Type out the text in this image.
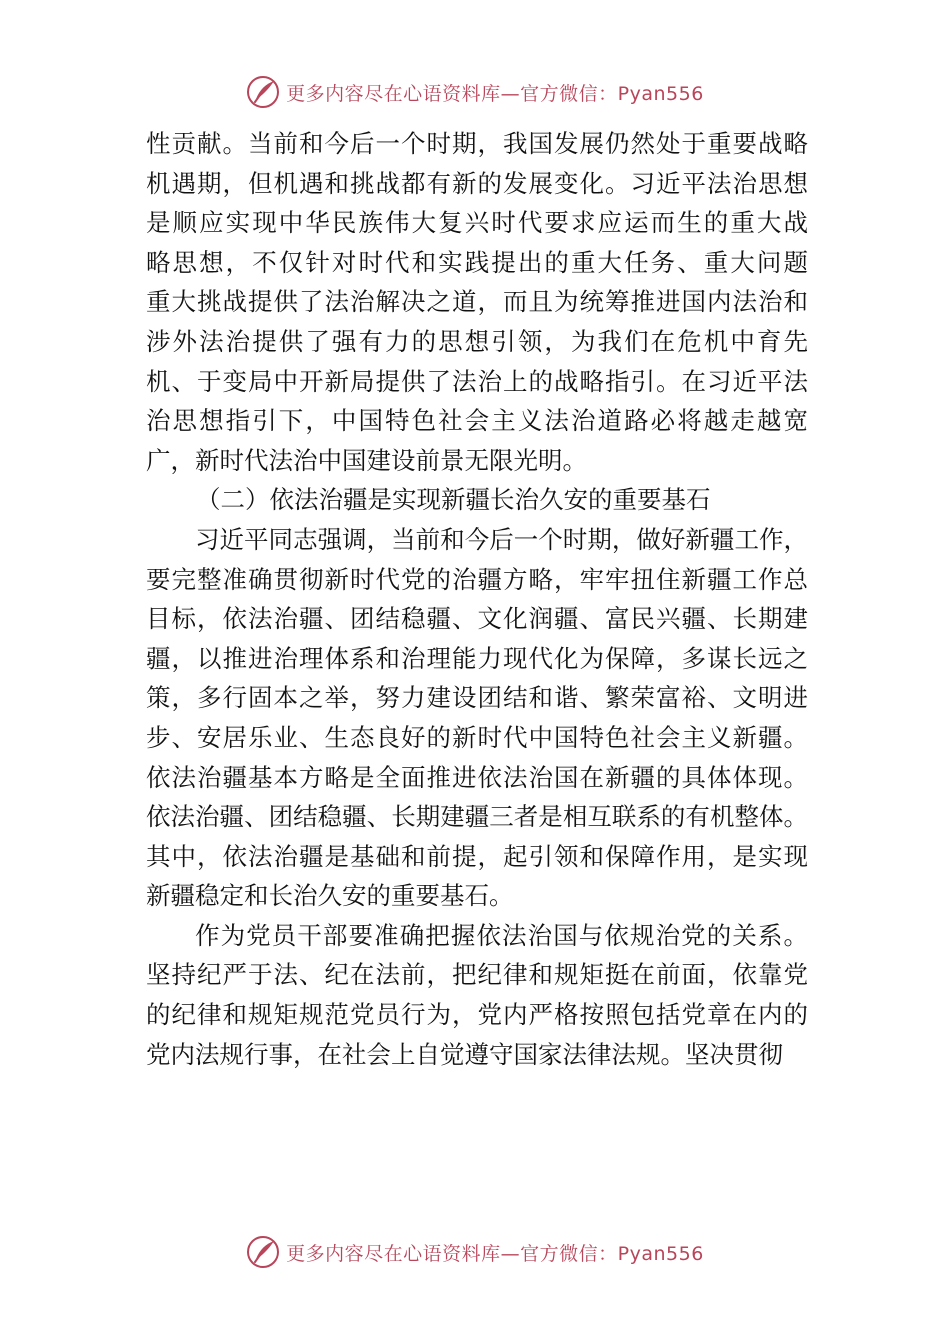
更多内容尽在心语资料库—官方微信：Pyan556
性贡献。当前和今后一个时期，我国发展仍然处于重要战略
机遇期，但机遇和挑战都有新的发展变化。习近平法治思想
是顺应实现中华民族伟大复兴时代要求应运而生的重大战
略思想，不仅针对时代和实践提出的重大任务、重大问题
重大挑战提供了法治解决之道，而且为统筹推进国内法治和
涉外法治提供了强有力的思想引领，为我们在危机中育先
机、于变局中开新局提供了法治上的战略指引。在习近平法
治思想指引下，中国特色社会主义法治道路必将越走越宽
广，新时代法治中国建设前景无限光明。
（二）依法治疆是实现新疆长治久安的重要基石
习近平同志强调，当前和今后一个时期，做好新疆工作，
要完整准确贯彻新时代党的治疆方略，牢牢扭住新疆工作总
目标，依法治疆、团结稳疆、文化润疆、富民兴疆、长期建
疆，以推进治理体系和治理能力现代化为保障，多谋长远之
策，多行固本之举，努力建设团结和谐、繁荣富裕、文明进
步、安居乐业、生态良好的新时代中国特色社会主义新疆。
依法治疆基本方略是全面推进依法治国在新疆的具体体现。
依法治疆、团结稳疆、长期建疆三者是相互联系的有机整体。
其中，依法治疆是基础和前提，起引领和保障作用，是实现
新疆稳定和长治久安的重要基石。
作为党员干部要准确把握依法治国与依规治党的关系。
坚持纪严于法、纪在法前，把纪律和规矩挺在前面，依靠党
的纪律和规矩规范党员行为，党内严格按照包括党章在内的
党内法规行事，在社会上自觉遵守国家法律法规。坚决贯彻
更多内容尽在心语资料库—官方微信：Pyan556
